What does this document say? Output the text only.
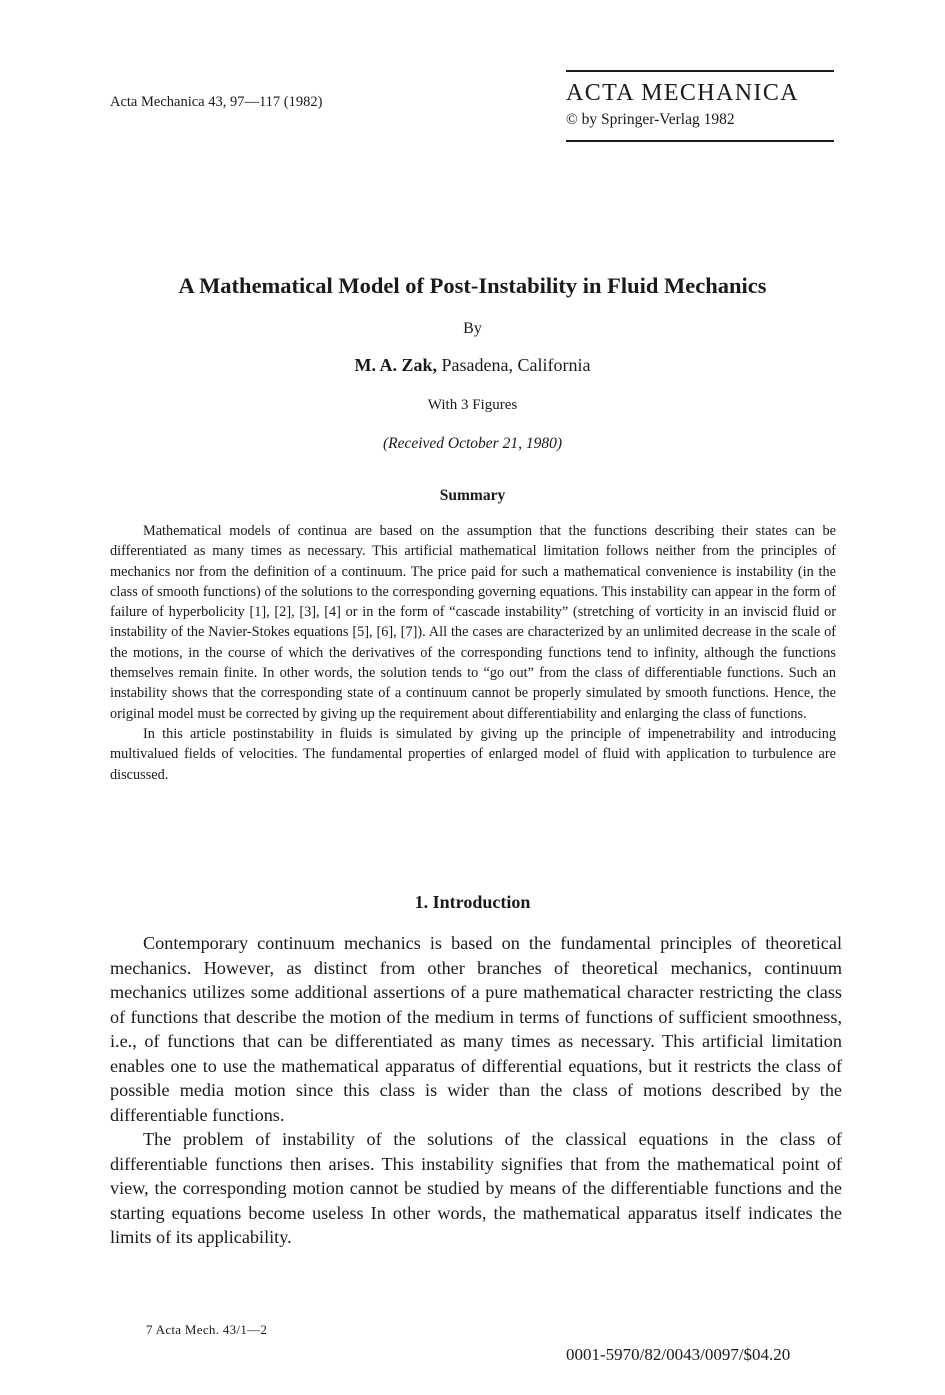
Acta Mechanica 43, 97—117 (1982)	ACTA MECHANICA
© by Springer-Verlag 1982
A Mathematical Model of Post-Instability in Fluid Mechanics
By
M. A. Zak, Pasadena, California
With 3 Figures
(Received October 21, 1980)
Summary

Mathematical models of continua are based on the assumption that the functions describing their states can be differentiated as many times as necessary. This artificial mathematical limitation follows neither from the principles of mechanics nor from the definition of a continuum. The price paid for such a mathematical convenience is instability (in the class of smooth functions) of the solutions to the corresponding governing equations. This instability can appear in the form of failure of hyperbolicity [1], [2], [3], [4] or in the form of “cascade instability” (stretching of vorticity in an inviscid fluid or instability of the Navier-Stokes equations [5], [6], [7]). All the cases are characterized by an unlimited decrease in the scale of the motions, in the course of which the derivatives of the corresponding functions tend to infinity, although the functions themselves remain finite. In other words, the solution tends to “go out” from the class of differentiable functions. Such an instability shows that the corresponding state of a continuum cannot be properly simulated by smooth functions. Hence, the original model must be corrected by giving up the requirement about differentiability and enlarging the class of functions.

In this article postinstability in fluids is simulated by giving up the principle of impenetrability and introducing multivalued fields of velocities. The fundamental properties of enlarged model of fluid with application to turbulence are discussed.

1. Introduction

Contemporary continuum mechanics is based on the fundamental principles of theoretical mechanics. However, as distinct from other branches of theoretical mechanics, continuum mechanics utilizes some additional assertions of a pure mathematical character restricting the class of functions that describe the motion of the medium in terms of functions of sufficient smoothness, i.e., of functions that can be differentiated as many times as necessary. This artificial limitation enables one to use the mathematical apparatus of differential equations, but it restricts the class of possible media motion since this class is wider than the class of motions described by the differentiable functions.

The problem of instability of the solutions of the classical equations in the class of differentiable functions then arises. This instability signifies that from the mathematical point of view, the corresponding motion cannot be studied by means of the differentiable functions and the starting equations become useless In other words, the mathematical apparatus itself indicates the limits of its applicability.

7 Acta Mech. 43/1—2
0001-5970/82/0043/0097/$04.20
